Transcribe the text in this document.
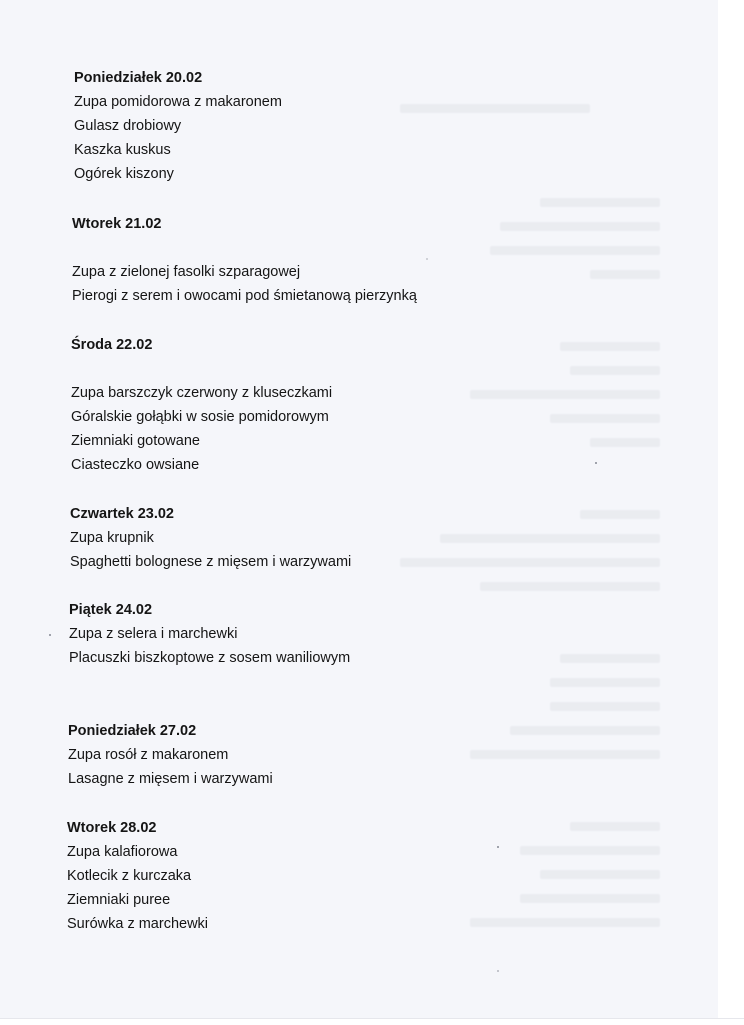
Poniedziałek 20.02
Zupa pomidorowa z makaronem
Gulasz drobiowy
Kaszka kuskus
Ogórek kiszony
Wtorek 21.02
Zupa z zielonej fasolki szparagowej
Pierogi z serem i owocami pod śmietanową pierzynką
Środa 22.02
Zupa barszczyk czerwony z kluseczkami
Góralskie gołąbki w sosie pomidorowym
Ziemniaki gotowane
Ciasteczko owsiane
Czwartek 23.02
Zupa krupnik
Spaghetti bolognese z mięsem i warzywami
Piątek 24.02
Zupa z selera i marchewki
Placuszki biszkoptowe z sosem waniliowym
Poniedziałek 27.02
Zupa rosół z makaronem
Lasagne z mięsem i warzywami
Wtorek 28.02
Zupa kalafiorowa
Kotlecik z kurczaka
Ziemniaki puree
Surówka z marchewki
